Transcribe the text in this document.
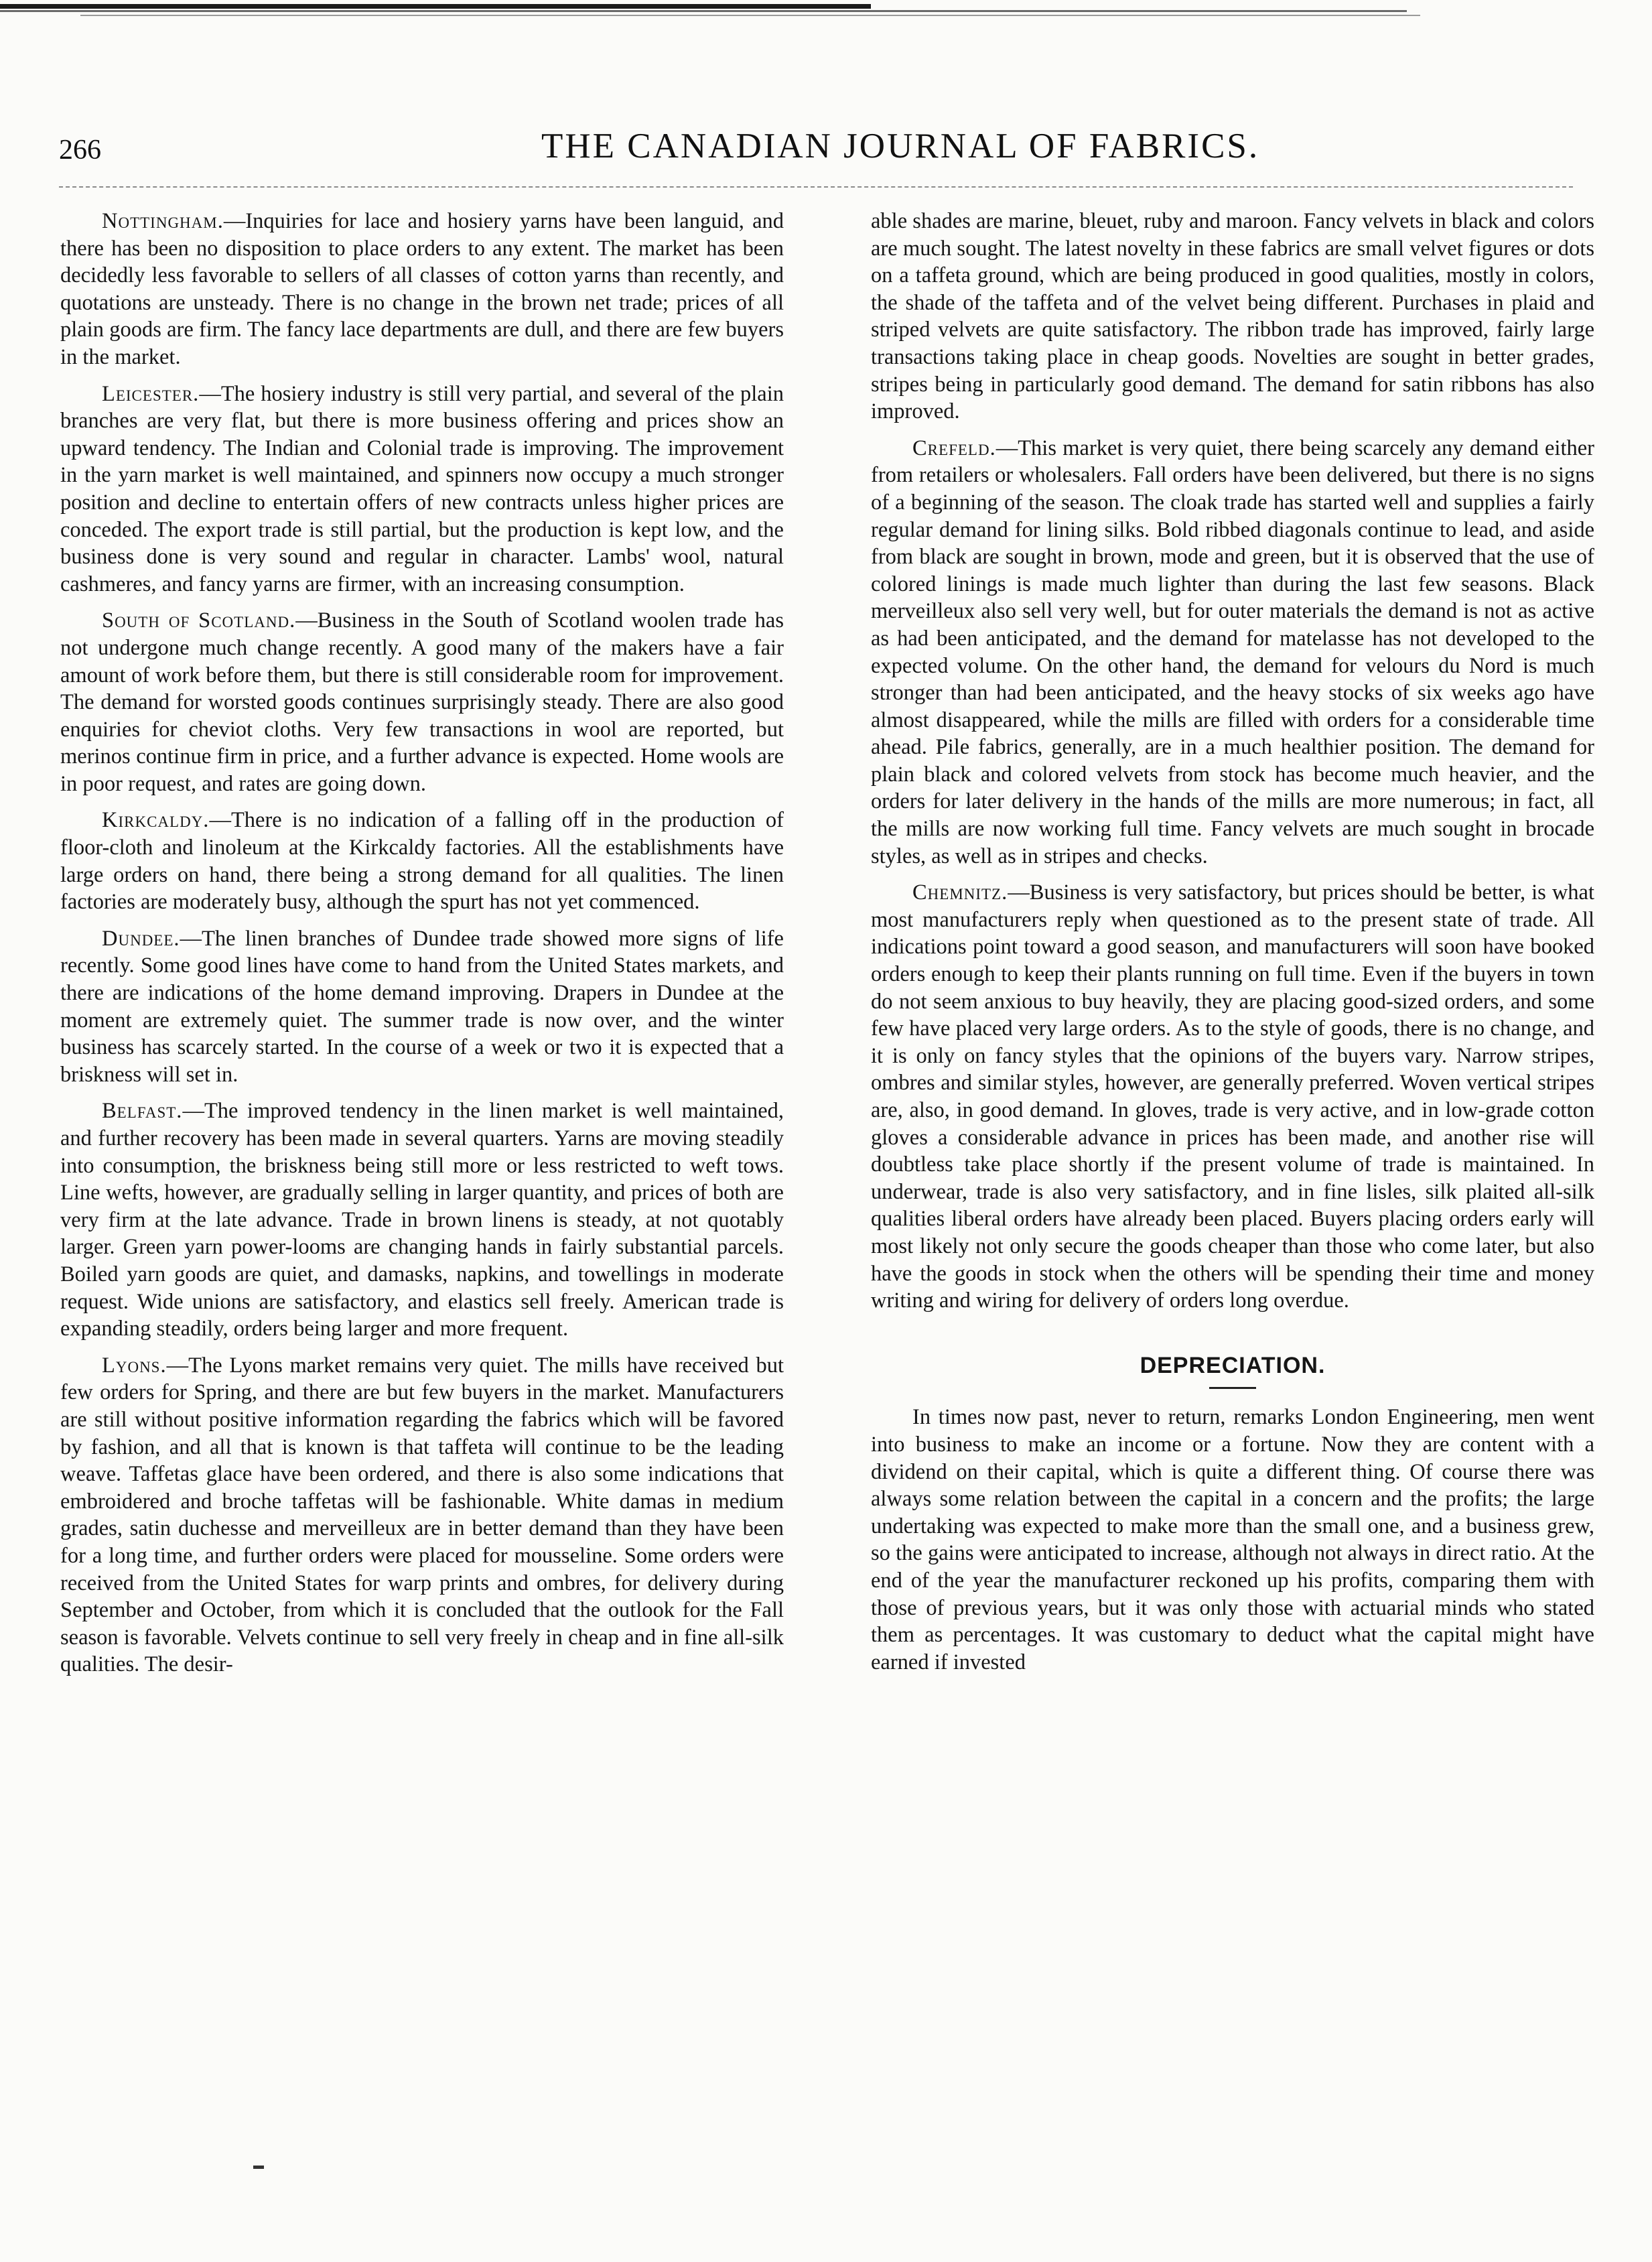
266	THE CANADIAN JOURNAL OF FABRICS.

Nottingham.—Inquiries for lace and hosiery yarns have been languid, and there has been no disposition to place orders to any extent. The market has been decidedly less favorable to sellers of all classes of cotton yarns than recently, and quotations are unsteady. There is no change in the brown net trade; prices of all plain goods are firm. The fancy lace departments are dull, and there are few buyers in the market.

Leicester.—The hosiery industry is still very partial, and several of the plain branches are very flat, but there is more business offering and prices show an upward tendency. The Indian and Colonial trade is improving. The improvement in the yarn market is well maintained, and spinners now occupy a much stronger position and decline to entertain offers of new contracts unless higher prices are conceded. The export trade is still partial, but the production is kept low, and the business done is very sound and regular in character. Lambs' wool, natural cashmeres, and fancy yarns are firmer, with an increasing consumption.

South of Scotland.—Business in the South of Scotland woolen trade has not undergone much change recently. A good many of the makers have a fair amount of work before them, but there is still considerable room for improvement. The demand for worsted goods continues surprisingly steady. There are also good enquiries for cheviot cloths. Very few transactions in wool are reported, but merinos continue firm in price, and a further advance is expected. Home wools are in poor request, and rates are going down.

Kirkcaldy.—There is no indication of a falling off in the production of floor-cloth and linoleum at the Kirkcaldy factories. All the establishments have large orders on hand, there being a strong demand for all qualities. The linen factories are moderately busy, although the spurt has not yet commenced.

Dundee.—The linen branches of Dundee trade showed more signs of life recently. Some good lines have come to hand from the United States markets, and there are indications of the home demand improving. Drapers in Dundee at the moment are extremely quiet. The summer trade is now over, and the winter business has scarcely started. In the course of a week or two it is expected that a briskness will set in.

Belfast.—The improved tendency in the linen market is well maintained, and further recovery has been made in several quarters. Yarns are moving steadily into consumption, the briskness being still more or less restricted to weft tows. Line wefts, however, are gradually selling in larger quantity, and prices of both are very firm at the late advance. Trade in brown linens is steady, at not quotably larger. Green yarn power-looms are changing hands in fairly substantial parcels. Boiled yarn goods are quiet, and damasks, napkins, and towellings in moderate request. Wide unions are satisfactory, and elastics sell freely. American trade is expanding steadily, orders being larger and more frequent.

Lyons.—The Lyons market remains very quiet. The mills have received but few orders for Spring, and there are but few buyers in the market. Manufacturers are still without positive information regarding the fabrics which will be favored by fashion, and all that is known is that taffeta will continue to be the leading weave. Taffetas glace have been ordered, and there is also some indications that embroidered and broche taffetas will be fashionable. White damas in medium grades, satin duchesse and merveilleux are in better demand than they have been for a long time, and further orders were placed for mousseline. Some orders were received from the United States for warp prints and ombres, for delivery during September and October, from which it is concluded that the outlook for the Fall season is favorable. Velvets continue to sell very freely in cheap and in fine all-silk qualities. The desir-

able shades are marine, bleuet, ruby and maroon. Fancy velvets in black and colors are much sought. The latest novelty in these fabrics are small velvet figures or dots on a taffeta ground, which are being produced in good qualities, mostly in colors, the shade of the taffeta and of the velvet being different. Purchases in plaid and striped velvets are quite satisfactory. The ribbon trade has improved, fairly large transactions taking place in cheap goods. Novelties are sought in better grades, stripes being in particularly good demand. The demand for satin ribbons has also improved.

Crefeld.—This market is very quiet, there being scarcely any demand either from retailers or wholesalers. Fall orders have been delivered, but there is no signs of a beginning of the season. The cloak trade has started well and supplies a fairly regular demand for lining silks. Bold ribbed diagonals continue to lead, and aside from black are sought in brown, mode and green, but it is observed that the use of colored linings is made much lighter than during the last few seasons. Black merveilleux also sell very well, but for outer materials the demand is not as active as had been anticipated, and the demand for matelasse has not developed to the expected volume. On the other hand, the demand for velours du Nord is much stronger than had been anticipated, and the heavy stocks of six weeks ago have almost disappeared, while the mills are filled with orders for a considerable time ahead. Pile fabrics, generally, are in a much healthier position. The demand for plain black and colored velvets from stock has become much heavier, and the orders for later delivery in the hands of the mills are more numerous; in fact, all the mills are now working full time. Fancy velvets are much sought in brocade styles, as well as in stripes and checks.

Chemnitz.—Business is very satisfactory, but prices should be better, is what most manufacturers reply when questioned as to the present state of trade. All indications point toward a good season, and manufacturers will soon have booked orders enough to keep their plants running on full time. Even if the buyers in town do not seem anxious to buy heavily, they are placing good-sized orders, and some few have placed very large orders. As to the style of goods, there is no change, and it is only on fancy styles that the opinions of the buyers vary. Narrow stripes, ombres and similar styles, however, are generally preferred. Woven vertical stripes are, also, in good demand. In gloves, trade is very active, and in low-grade cotton gloves a considerable advance in prices has been made, and another rise will doubtless take place shortly if the present volume of trade is maintained. In underwear, trade is also very satisfactory, and in fine lisles, silk plaited all-silk qualities liberal orders have already been placed. Buyers placing orders early will most likely not only secure the goods cheaper than those who come later, but also have the goods in stock when the others will be spending their time and money writing and wiring for delivery of orders long overdue.

DEPRECIATION.

In times now past, never to return, remarks London Engineering, men went into business to make an income or a fortune. Now they are content with a dividend on their capital, which is quite a different thing. Of course there was always some relation between the capital in a concern and the profits; the large undertaking was expected to make more than the small one, and a business grew, so the gains were anticipated to increase, although not always in direct ratio. At the end of the year the manufacturer reckoned up his profits, comparing them with those of previous years, but it was only those with actuarial minds who stated them as percentages. It was customary to deduct what the capital might have earned if invested
